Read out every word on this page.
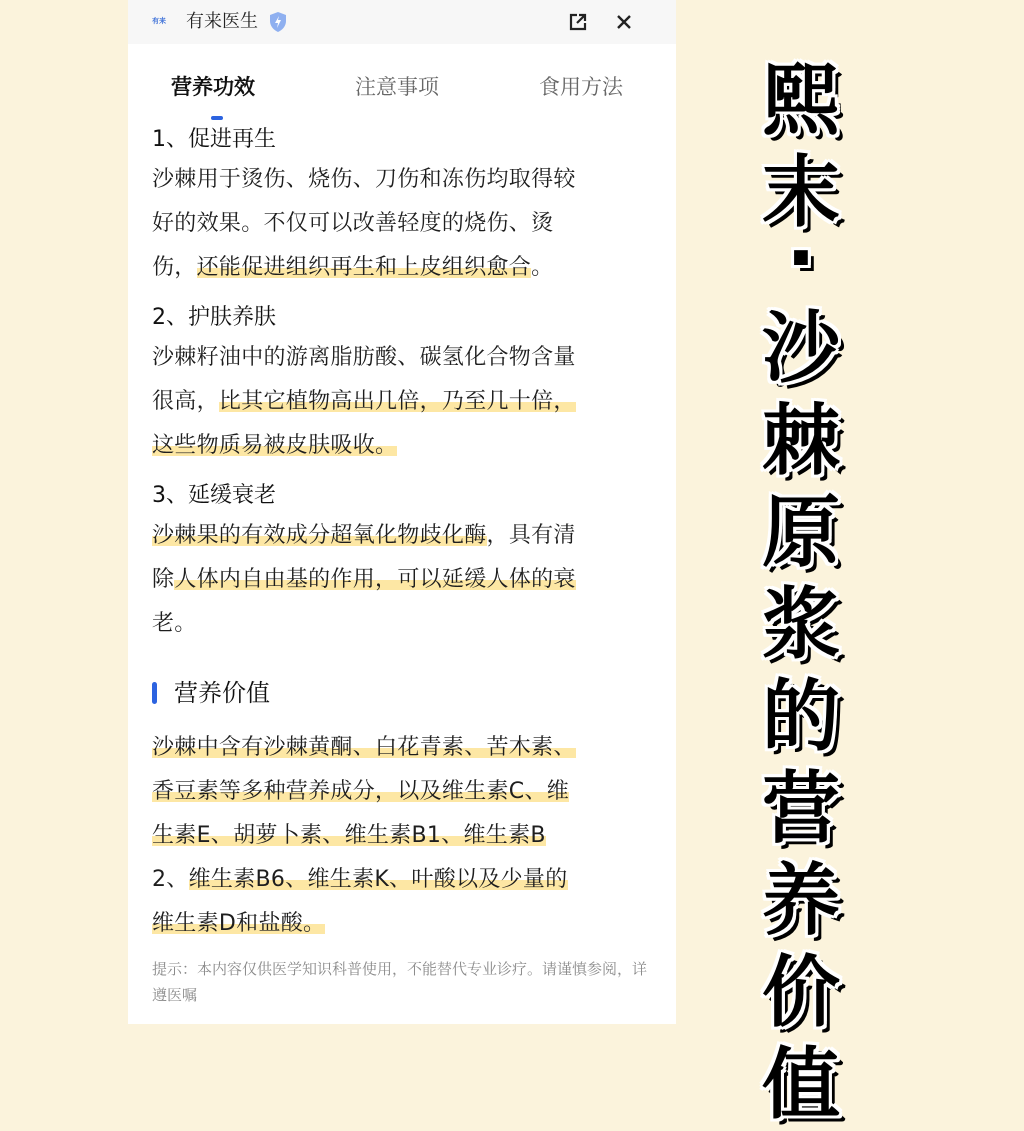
有来	有来医生
营养功效	注意事项	食用方法
1、促进再生

沙棘用于烫伤、烧伤、刀伤和冻伤均取得较
好的效果。不仅可以改善轻度的烧伤、烫
伤，还能促进组织再生和上皮组织愈合。

2、护肤养肤

沙棘籽油中的游离脂肪酸、碳氢化合物含量
很高，比其它植物高出几倍，乃至几十倍，
这些物质易被皮肤吸收。

3、延缓衰老

沙棘果的有效成分超氧化物歧化酶，具有清
除人体内自由基的作用，可以延缓人体的衰
老。

营养价值

沙棘中含有沙棘黄酮、白花青素、苦木素、
香豆素等多种营养成分，以及维生素C、维
生素E、胡萝卜素、维生素B1、维生素B
2、维生素B6、维生素K、叶酸以及少量的
维生素D和盐酸。

提示：本内容仅供医学知识科普使用，不能替代专业诊疗。请谨慎参阅，详遵医嘱

熙
末
·
沙
棘
原
浆
的
营
养
价
值
